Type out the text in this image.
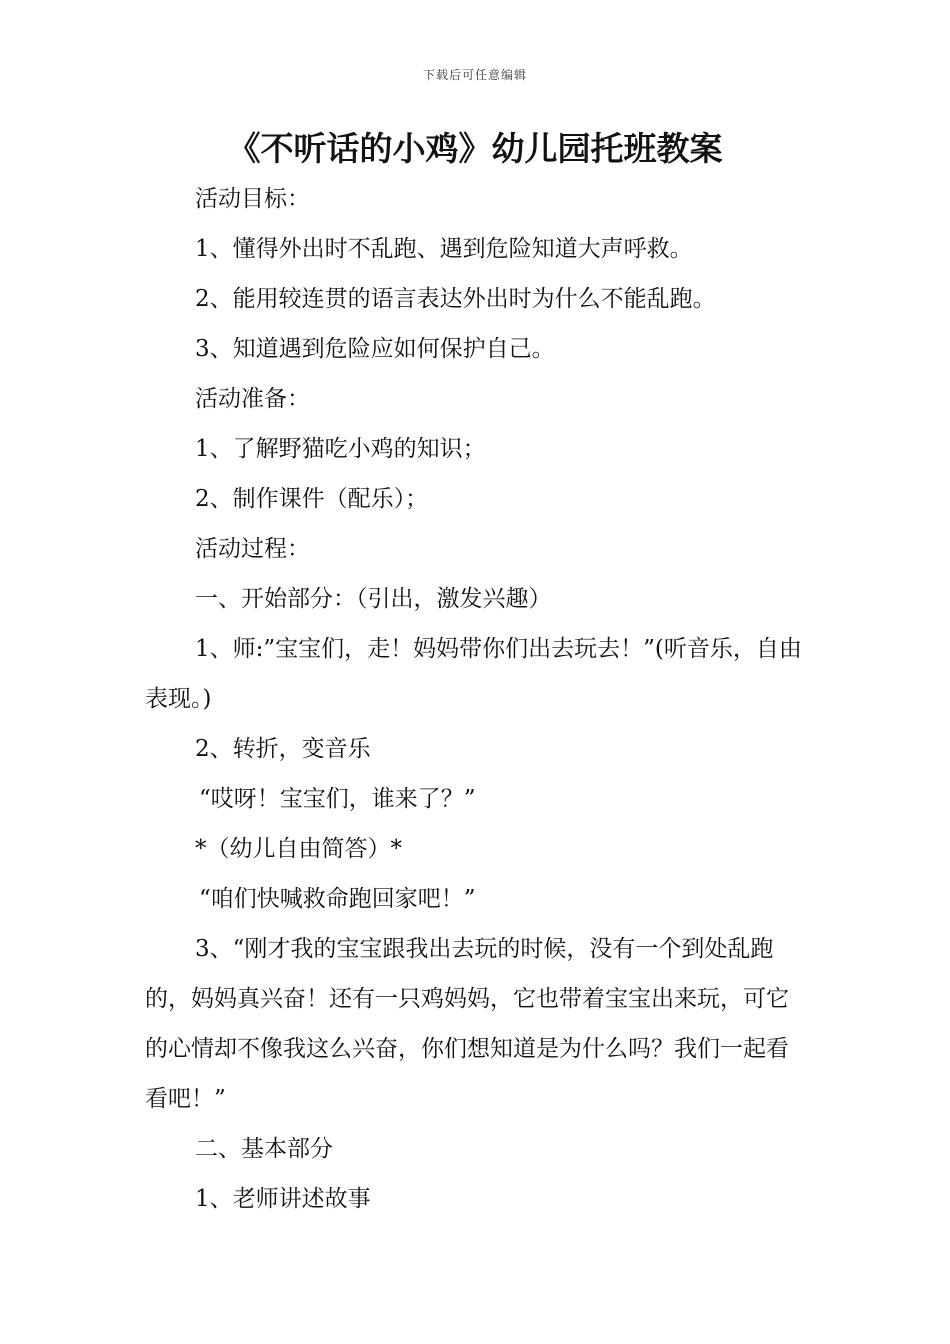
下载后可任意编辑
《不听话的小鸡》幼儿园托班教案

活动目标：

1、懂得外出时不乱跑、遇到危险知道大声呼救。

2、能用较连贯的语言表达外出时为什么不能乱跑。

3、知道遇到危险应如何保护自己。

活动准备：

1、了解野猫吃小鸡的知识；

2、制作课件（配乐）；

活动过程：

一、开始部分：（引出，激发兴趣）

1、师:”宝宝们，走！妈妈带你们出去玩去！”(听音乐，自由表现。)

2、转折，变音乐

“哎呀！宝宝们，谁来了？”

*（幼儿自由简答）*

“咱们快喊救命跑回家吧！”

3、“刚才我的宝宝跟我出去玩的时候，没有一个到处乱跑的，妈妈真兴奋！还有一只鸡妈妈，它也带着宝宝出来玩，可它的心情却不像我这么兴奋，你们想知道是为什么吗？我们一起看看吧！”

二、基本部分

1、老师讲述故事
